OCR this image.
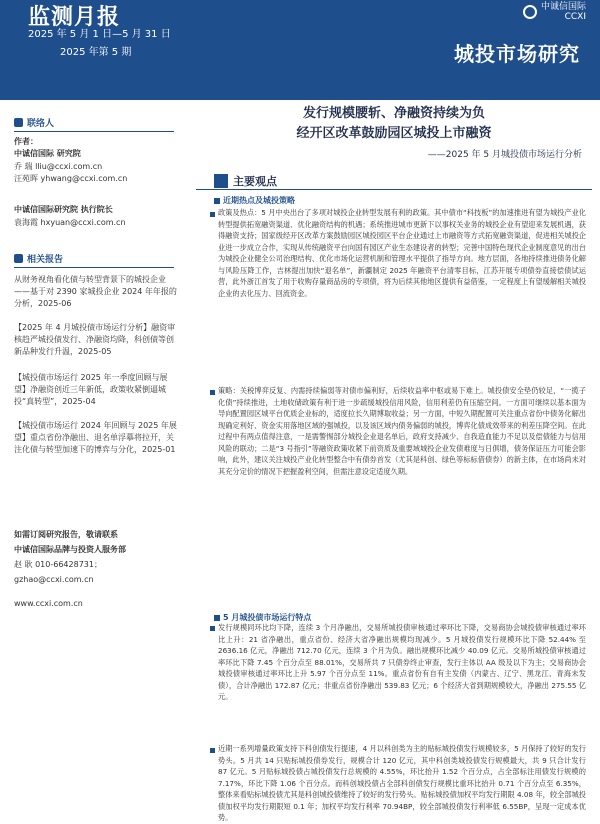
监测月报
2025 年 5 月 1 日—5 月 31 日
2025 年第 5 期
中诚信国际
CCXI
城投市场研究
联络人
作者：
中诚信国际 研究院
乔 瑞 lliu@ccxi.com.cn
汪苑晖 yhwang@ccxi.com.cn
中诚信国际研究院 执行院长
袁海霞 hxyuan@ccxi.com.cn
相关报告
从财务视角看化债与转型背景下的城投企业——基于对 2390 家城投企业 2024 年年报的分析，2025-06
【2025 年 4 月城投债市场运行分析】融资审核趋严城投债发行、净融资均降，科创债等创新品种发行升温，2025-05
【城投债市场运行 2025 年一季度回顾与展望】净融资创近三年新低，政策收紧倒逼城投“真转型”，2025-04
【城投债市场运行 2024 年回顾与 2025 年展望】重点省份净融出、退名单浮摹将拉开，关注化债与转型加速下的博弈与分化，2025-01
如需订阅研究报告，敬请联系
中诚信国际品牌与投资人服务部
赵 耿 010-66428731；
gzhao@ccxi.com.cn
www.ccxi.com.cn
发行规模腰斩、净融资持续为负
经开区改革鼓励园区城投上市融资
——2025 年 5 月城投债市场运行分析
主要观点
近期热点及城投策略
政策及热点：5 月中央出台了多项对城投企业转型发展有利的政策。其中债市“科技板”的加速推进有望为城投产业化转型提供拓宽融资渠道、优化融资结构的机遇；系统推进城市更新下以事权关业务的城投企业有望迎来发展机遇，获得融资支持；国家级经开区改革方案鼓励园区城投园区平台企业通过上市融资等方式拓宽融资渠道，促进相关城投企业进一步成立合作，实现从传统融资平台向国有园区产业生态建设者的转型；完善中国特色现代企业制度意见的出台为城投企业健全公司治理结构、优化市场化运营机制和管理水平提供了指导方向。地方层面，各地持续推进债务化解与风险压降工作，吉林提出加快“退名单”，新疆制定 2025 年融资平台清零目标，江苏开展专项债券直接偿债试运营，此外浙江首发了用于收购存量商品房的专项债，将为后续其他地区提供有益借鉴，一定程度上有望缓解相关城投企业的去化压力、回流资金。
策略：关税博弈反复、内需持续偏弱等对债市偏利好，后续收益率中枢或易下难上。城投债安全垫仍较足，“一揽子化债”持续推进，土地收储政策有利于进一步疏缓城投信用风险，信用利差仍有压缩空间。一方面可继续以基本面为导向配置园区城平台优质企业标的，适度拉长久期博取收益；另一方面，中短久期配置可关注重点省份中债务化解出现确定利好、资金实用落地区域的强城投，以及该区域内债务偏弱的城投，博弈化债成效带来的利差压降空间。在此过程中有两点值得注意，一是需警惕部分城投企业退名单后，政府支持减少、自我造血能力不足以及偿债能力与信用风险的联动；二是“3 号指引”等融资政策收紧下前资质及重要域城投企业发债难度与日俱增，债务保证压力可能会影响，此外，建议关注城投产业化转型整合中有债券首发（尤其是科创、绿色等标标借债券）的新主体，在市场尚未对其充分定价的情况下把握盈利空间，但需注意设定适度久期。
5 月城投债市场运行特点
发行规模同环比均下降，连续 3 个月净融出，交易所城投债审核通过率环比下降，交易商协会城投债审核通过率环比上升：21 省净融出，重点省份、经济大省净融出规模均现减少。5 月城投债发行规模环比下降 52.44% 至 2636.16 亿元，净融出 712.70 亿元，连续 3 个月为负。融出规模环比减少 40.09 亿元。交易所城投债审核通过率环比下降 7.45 个百分点至 88.01%，交易所共 7 只债券终止审查，发行主体以 AA 级及以下为主；交易商协会城投债审核通过率环比上升 5.97 个百分点至 11%。重点省份有自有主发债（内蒙古、辽宁、黑龙江、青海未发债），合计净融出 172.87 亿元；非重点省份净融出 539.83 亿元；6 个经济大省到期规模较大，净融出 275.55 亿元。
近期一系列增量政策支持下科创债发行提速，4 月以科创类为主的贴标城投债发行规模较多，5 月保持了较好的发行势头。5 月共 14 只贴标城投债券发行，规模合计 120 亿元，其中科创类城投债发行规模最大，共 9 只合计发行 87 亿元。5 月贴标城投债占城投债发行总规模的 4.55%，环比抬升 1.52 个百分点，占全部标注用债发行规模的 7.17%，环比下降 1.06 个百分点。而科创城投债占全部科创债发行规模比重环比抬升 0.71 个百分点至 6.35%，整体来看贴标城投债尤其是科创城投债维持了较好的发行势头。贴标城投债加权平均发行期限 4.08 年，较全部城投债加权平均发行期限短 0.1 年；加权平均发行利率 70.94BP，较全部城投债发行利率低 6.55BP，呈现一定成本优势。
